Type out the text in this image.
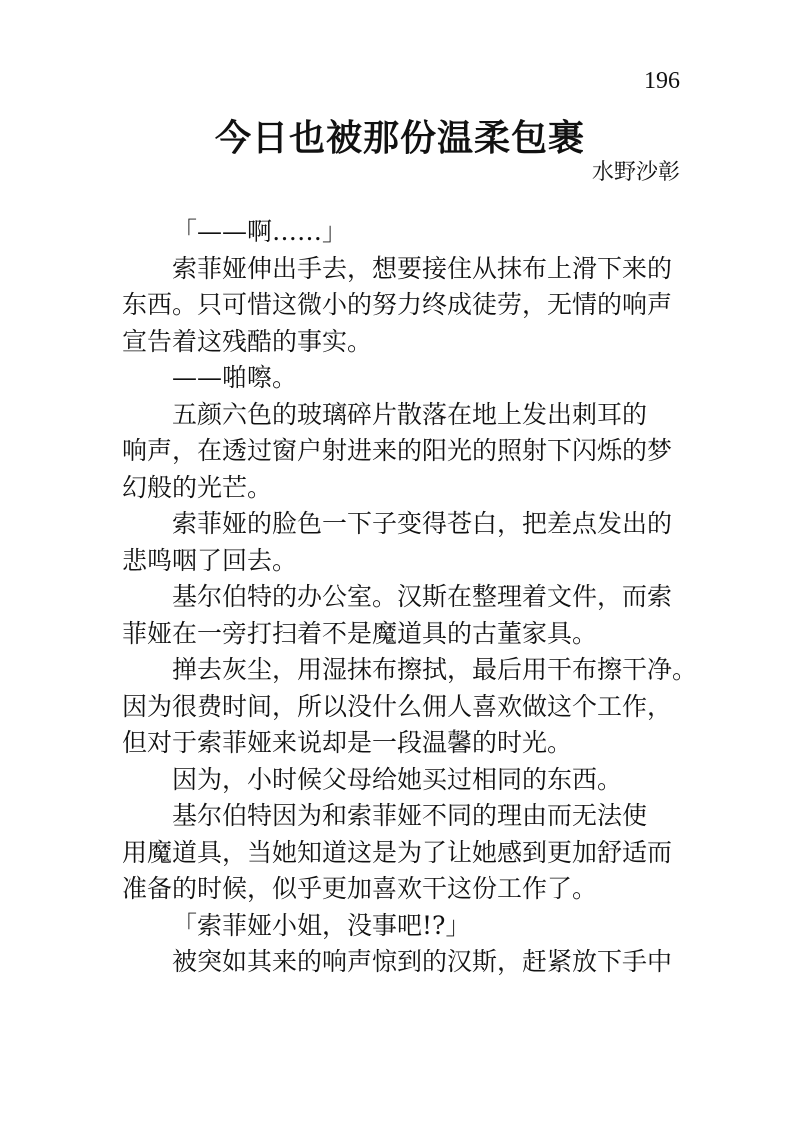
196
今日也被那份温柔包裹
水野沙彰
「——啊……」
索菲娅伸出手去，想要接住从抹布上滑下来的
东西。只可惜这微小的努力终成徒劳，无情的响声
宣告着这残酷的事实。
——啪嚓。
五颜六色的玻璃碎片散落在地上发出刺耳的
响声，在透过窗户射进来的阳光的照射下闪烁的梦
幻般的光芒。
索菲娅的脸色一下子变得苍白，把差点发出的
悲鸣咽了回去。
基尔伯特的办公室。汉斯在整理着文件，而索
菲娅在一旁打扫着不是魔道具的古董家具。
掸去灰尘，用湿抹布擦拭，最后用干布擦干净。
因为很费时间，所以没什么佣人喜欢做这个工作，
但对于索菲娅来说却是一段温馨的时光。
因为，小时候父母给她买过相同的东西。
基尔伯特因为和索菲娅不同的理由而无法使
用魔道具，当她知道这是为了让她感到更加舒适而
准备的时候，似乎更加喜欢干这份工作了。
「索菲娅小姐，没事吧!?」
被突如其来的响声惊到的汉斯，赶紧放下手中
